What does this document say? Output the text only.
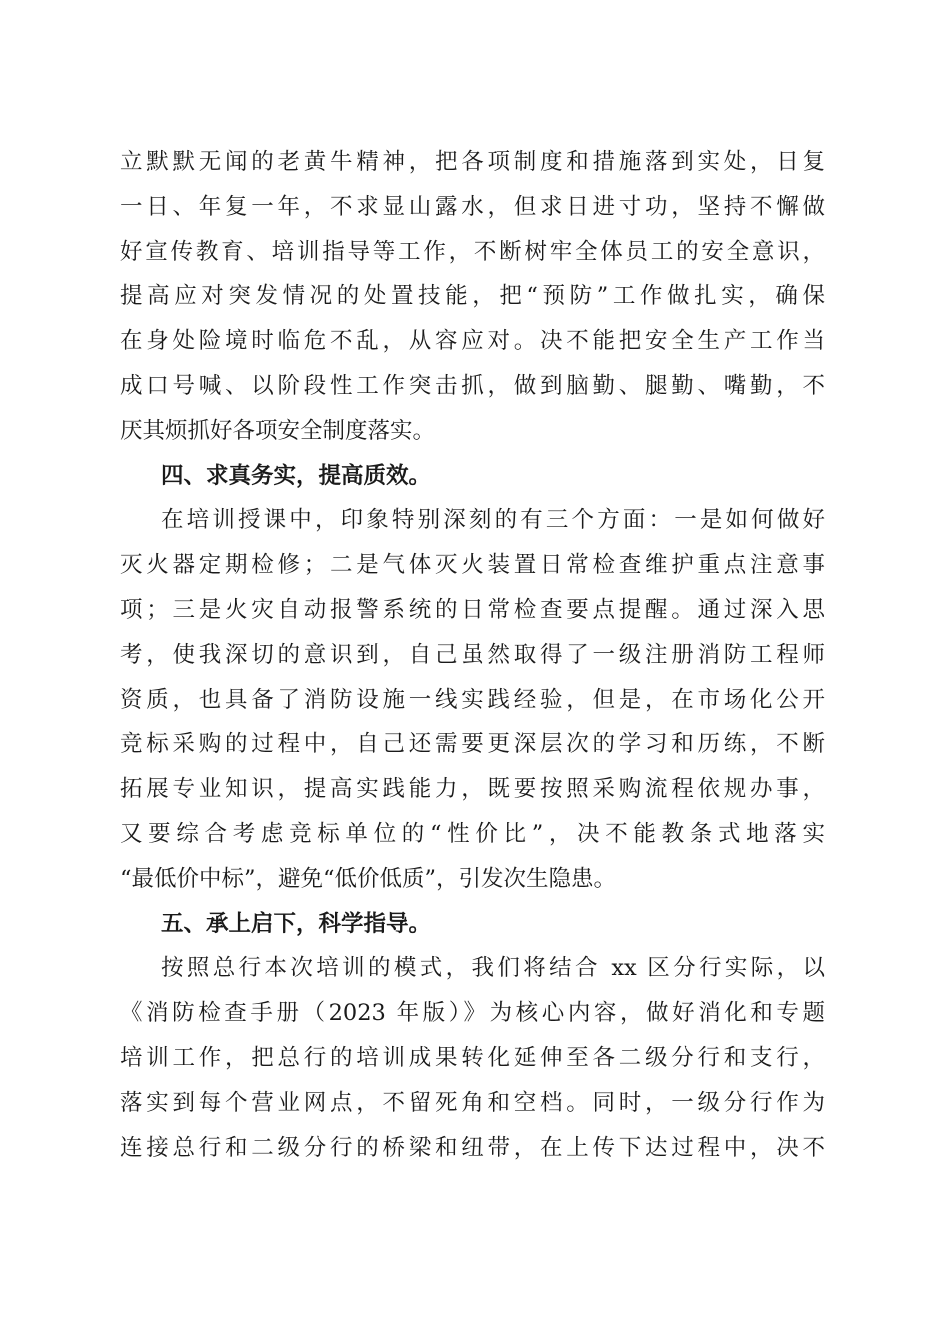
立默默无闻的老黄牛精神，把各项制度和措施落到实处，日复
一日、年复一年，不求显山露水，但求日进寸功，坚持不懈做
好宣传教育、培训指导等工作，不断树牢全体员工的安全意识，
提高应对突发情况的处置技能，把“预防”工作做扎实，确保
在身处险境时临危不乱，从容应对。决不能把安全生产工作当
成口号喊、以阶段性工作突击抓，做到脑勤、腿勤、嘴勤，不
厌其烦抓好各项安全制度落实。
四、求真务实，提高质效。
在培训授课中，印象特别深刻的有三个方面：一是如何做好
灭火器定期检修；二是气体灭火装置日常检查维护重点注意事
项；三是火灾自动报警系统的日常检查要点提醒。通过深入思
考，使我深切的意识到，自己虽然取得了一级注册消防工程师
资质，也具备了消防设施一线实践经验，但是，在市场化公开
竞标采购的过程中，自己还需要更深层次的学习和历练，不断
拓展专业知识，提高实践能力，既要按照采购流程依规办事，
又要综合考虑竞标单位的“性价比”，决不能教条式地落实
“最低价中标”，避免“低价低质”，引发次生隐患。
五、承上启下，科学指导。
按照总行本次培训的模式，我们将结合 xx 区分行实际，以
《消防检查手册（2023 年版）》为核心内容，做好消化和专题
培训工作，把总行的培训成果转化延伸至各二级分行和支行，
落实到每个营业网点，不留死角和空档。同时，一级分行作为
连接总行和二级分行的桥梁和纽带，在上传下达过程中，决不
